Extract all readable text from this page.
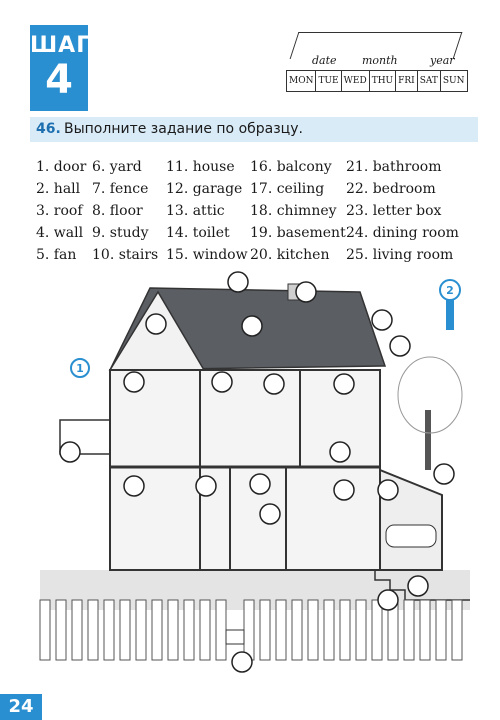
ШАГ
4	date month	year
MON TUE WED THU FRI SAT SUN
46. Выполните задание по образцу.
1. door
2. hall
3. roof
4. wall
5. fan
6. yard
7. fence
8. floor
9. study
10. stairs
11. house
12. garage
13. attic
14. toilet
15. window
16. balcony
17. ceiling
18. chimney
19. basement
20. kitchen
21. bathroom
22. bedroom
23. letter box
24. dining room
25. living room
1
2
24
